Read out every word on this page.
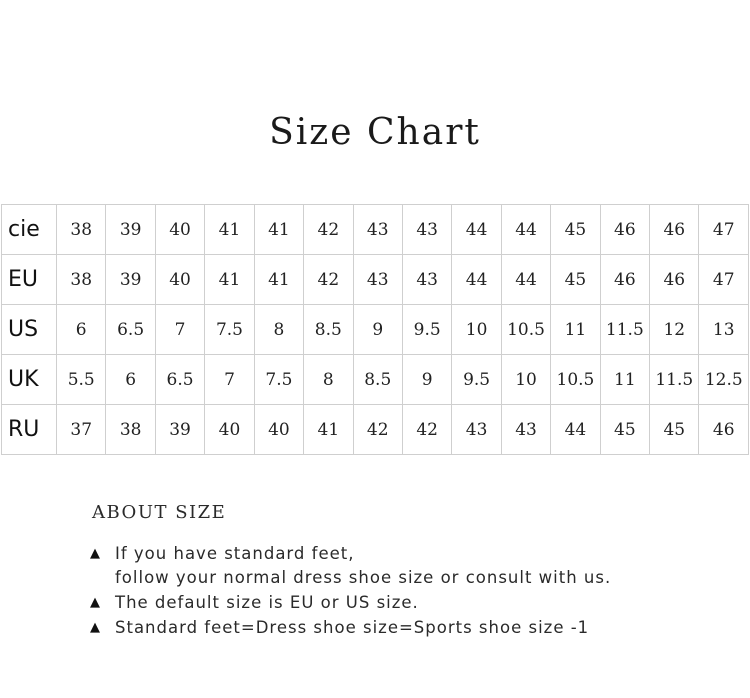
Size Chart
cie	38	39	40	41	41	42	43	43	44	44	45	46	46	47
EU	38	39	40	41	41	42	43	43	44	44	45	46	46	47
US	6	6.5	7	7.5	8	8.5	9	9.5	10	10.5	11	11.5	12	13
UK	5.5	6	6.5	7	7.5	8	8.5	9	9.5	10	10.5	11	11.5	12.5
RU	37	38	39	40	40	41	42	42	43	43	44	45	45	46
ABOUT SIZE
▲ If you have standard feet,
follow your normal dress shoe size or consult with us.
▲ The default size is EU or US size.
▲ Standard feet=Dress shoe size=Sports shoe size -1
